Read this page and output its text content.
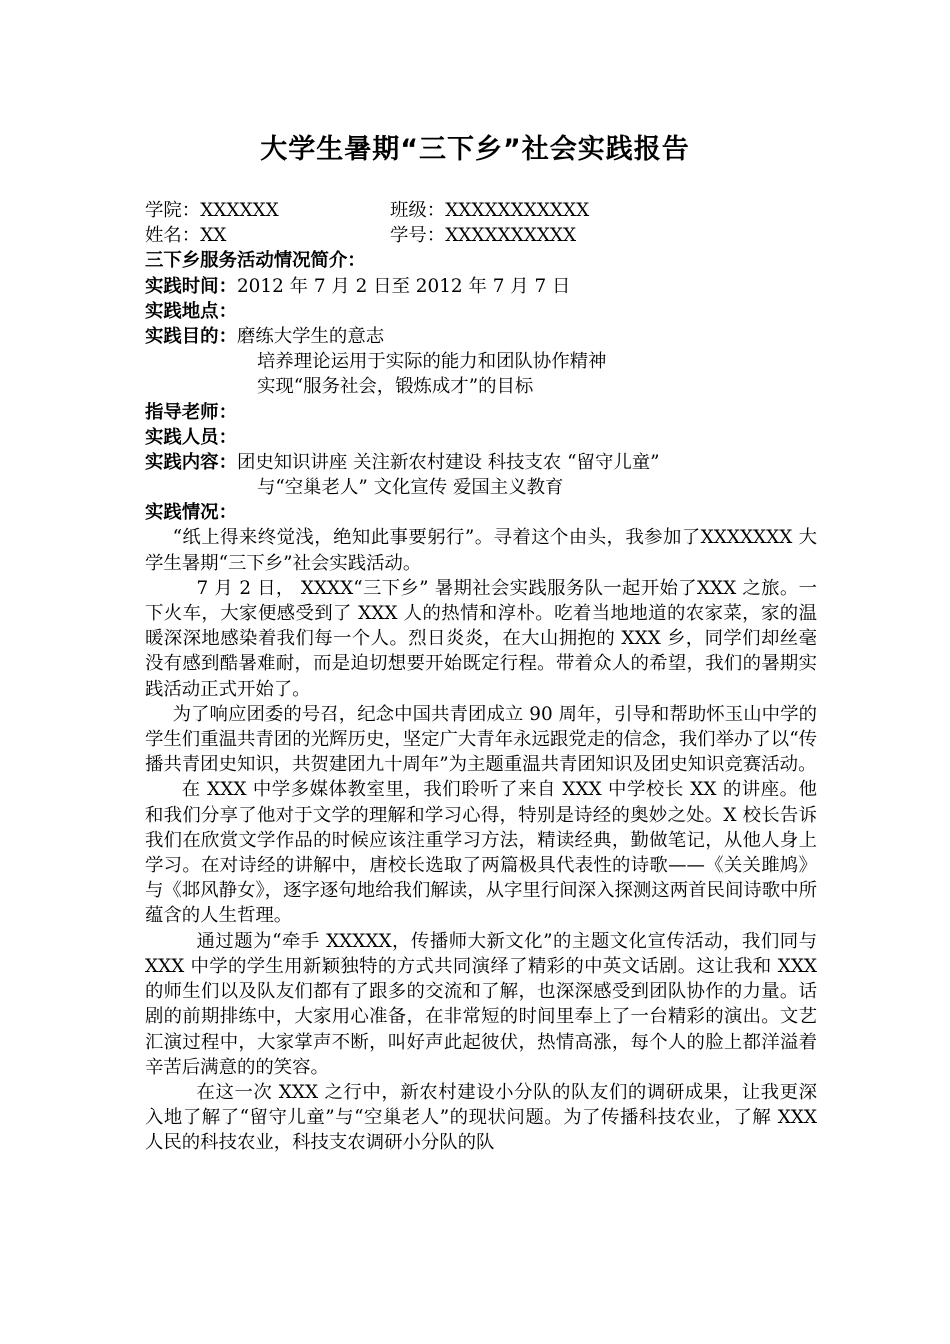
大学生暑期“三下乡”社会实践报告
学院：XXXXXX	班级：XXXXXXXXXXX
姓名：XX	学号：XXXXXXXXXX
三下乡服务活动情况简介：
实践时间：2012 年 7 月 2 日至 2012 年 7 月 7 日
实践地点：
实践目的：磨练大学生的意志
培养理论运用于实际的能力和团队协作精神
实现“服务社会，锻炼成才”的目标
指导老师：
实践人员：
实践内容：团史知识讲座 关注新农村建设 科技支农 “留守儿童”
与“空巢老人” 文化宣传 爱国主义教育
实践情况：

“纸上得来终觉浅，绝知此事要躬行”。寻着这个由头，我参加了XXXXXXX 大学生暑期“三下乡”社会实践活动。

7 月 2 日， XXXX“三下乡” 暑期社会实践服务队一起开始了XXX 之旅。一下火车，大家便感受到了 XXX 人的热情和淳朴。吃着当地地道的农家菜，家的温暖深深地感染着我们每一个人。烈日炎炎，在大山拥抱的 XXX 乡，同学们却丝毫没有感到酷暑难耐，而是迫切想要开始既定行程。带着众人的希望，我们的暑期实践活动正式开始了。

为了响应团委的号召，纪念中国共青团成立 90 周年，引导和帮助怀玉山中学的学生们重温共青团的光辉历史，坚定广大青年永远跟党走的信念，我们举办了以“传播共青团史知识，共贺建团九十周年”为主题重温共青团知识及团史知识竞赛活动。

在 XXX 中学多媒体教室里，我们聆听了来自 XXX 中学校长 XX 的讲座。他和我们分享了他对于文学的理解和学习心得，特别是诗经的奥妙之处。X 校长告诉我们在欣赏文学作品的时候应该注重学习方法，精读经典，勤做笔记，从他人身上学习。在对诗经的讲解中，唐校长选取了两篇极具代表性的诗歌——《关关雎鸠》与《邶风静女》，逐字逐句地给我们解读，从字里行间深入探测这两首民间诗歌中所蕴含的人生哲理。

通过题为“牵手 XXXXX，传播师大新文化”的主题文化宣传活动，我们同与 XXX 中学的学生用新颖独特的方式共同演绎了精彩的中英文话剧。这让我和 XXX 的师生们以及队友们都有了跟多的交流和了解，也深深感受到团队协作的力量。话剧的前期排练中，大家用心准备，在非常短的时间里奉上了一台精彩的演出。文艺汇演过程中，大家掌声不断，叫好声此起彼伏，热情高涨，每个人的脸上都洋溢着辛苦后满意的的笑容。

在这一次 XXX 之行中，新农村建设小分队的队友们的调研成果，让我更深入地了解了“留守儿童”与“空巢老人”的现状问题。为了传播科技农业，了解 XXX 人民的科技农业，科技支农调研小分队的队
